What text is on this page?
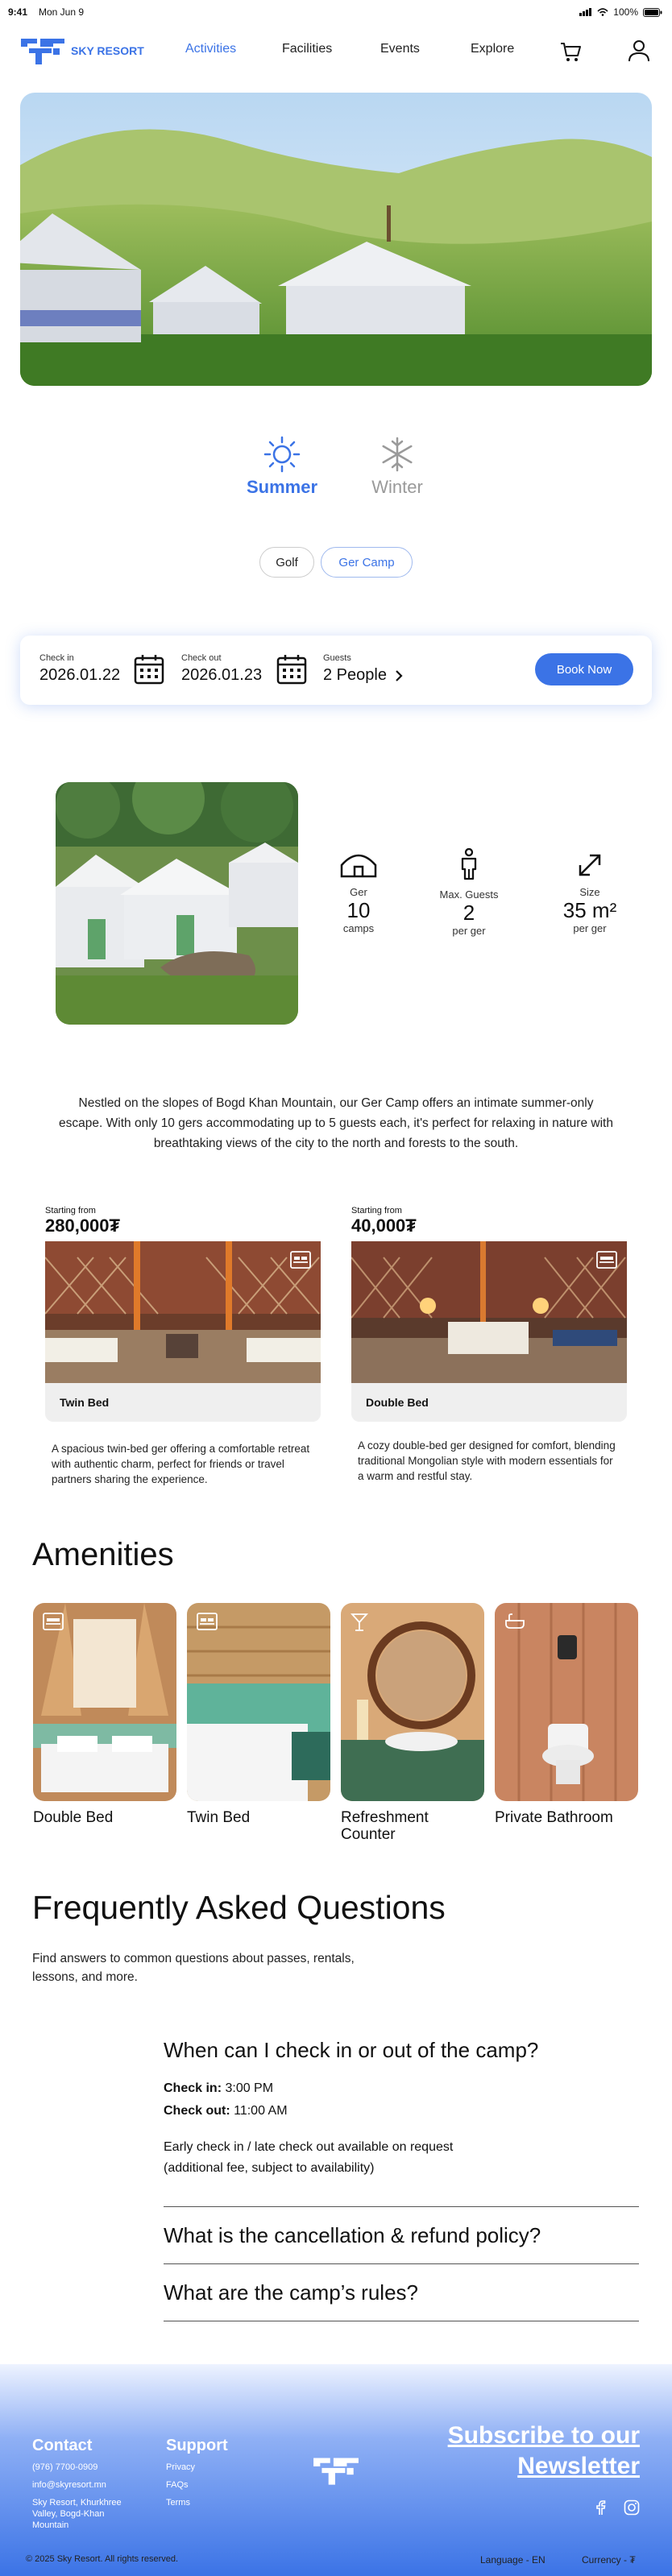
9:41 Mon Jun 9	100%
SKY RESORT	Activities	Facilities	Events	Explore
Summer	Winter
Golf	Ger Camp
Check in
2026.01.22
Check out
2026.01.23
Guests
2 People	Book Now
Ger
10
camps
Max. Guests
2
per ger
Size
35 m²
per ger
Nestled on the slopes of Bogd Khan Mountain, our Ger Camp offers an intimate summer-only escape. With only 10 gers accommodating up to 5 guests each, it's perfect for relaxing in nature with breathtaking views of the city to the north and forests to the south.
Starting from
280,000₮
Twin Bed
A spacious twin-bed ger offering a comfortable retreat with authentic charm, perfect for friends or travel partners sharing the experience.
Starting from
40,000₮
Double Bed
A cozy double-bed ger designed for comfort, blending traditional Mongolian style with modern essentials for a warm and restful stay.
Amenities
Double Bed	Twin Bed	Refreshment Counter
Private Bathroom
Frequently Asked Questions
Find answers to common questions about passes, rentals, lessons, and more.
When can I check in or out of the camp?
Check in: 3:00 PM
Check out: 11:00 AM
Early check in / late check out available on request (additional fee, subject to availability)
What is the cancellation & refund policy?
What are the camp’s rules?
Contact
(976) 7700-0909
info@skyresort.mn
Sky Resort, Khurkhree Valley, Bogd-Khan Mountain
Support
Privacy
FAQs
Terms
Subscribe to our Newsletter
© 2025 Sky Resort. All rights reserved.	Language - EN	Currency - ₮
